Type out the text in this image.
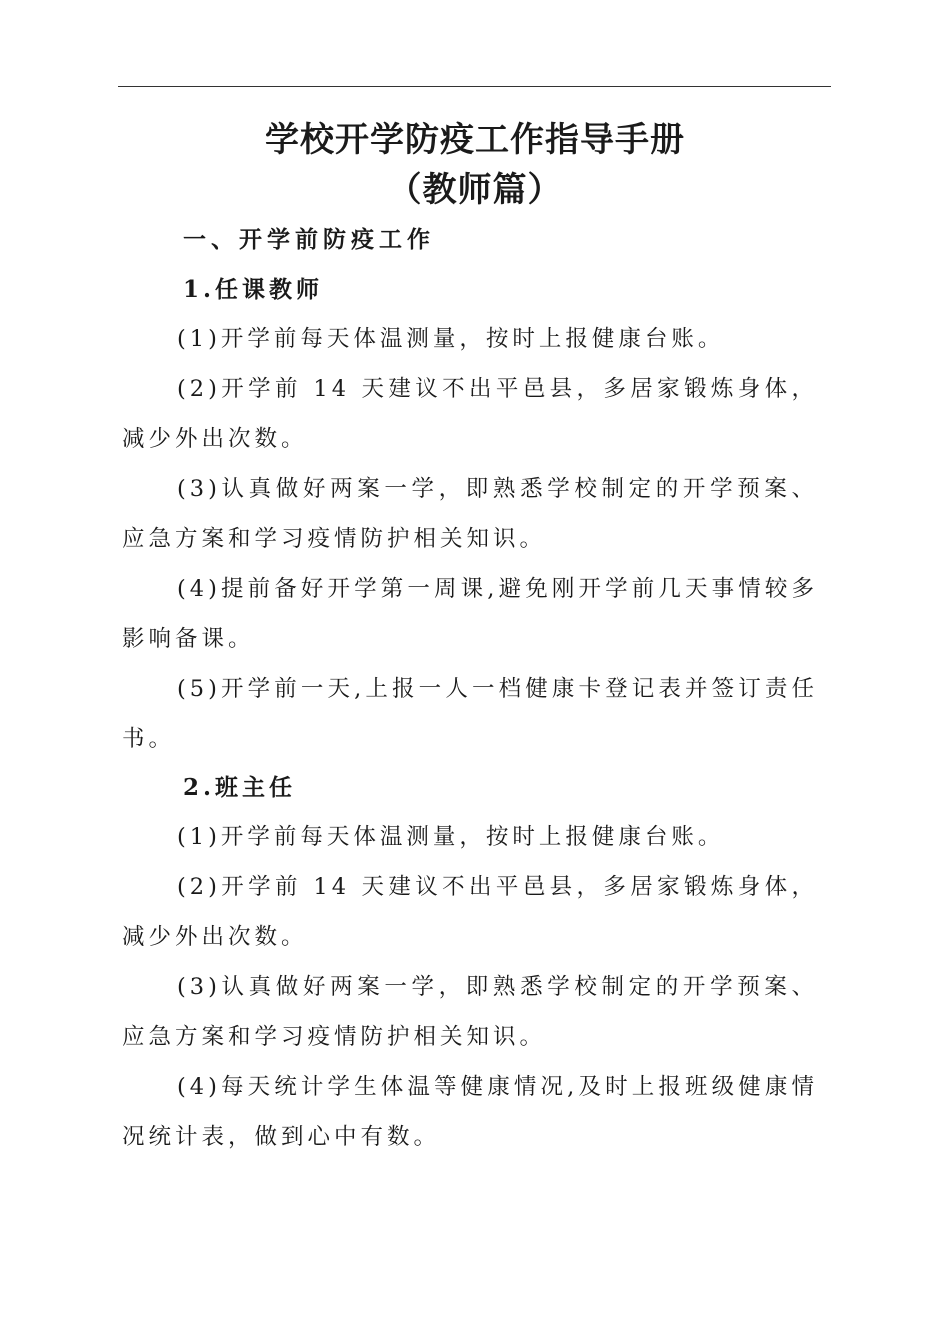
学校开学防疫工作指导手册
（教师篇）
一、开学前防疫工作
1.任课教师

(1)开学前每天体温测量，按时上报健康台账。

(2)开学前 14 天建议不出平邑县，多居家锻炼身体，减少外出次数。

(3)认真做好两案一学，即熟悉学校制定的开学预案、应急方案和学习疫情防护相关知识。

(4)提前备好开学第一周课,避免刚开学前几天事情较多影响备课。

(5)开学前一天,上报一人一档健康卡登记表并签订责任书。

2.班主任

(1)开学前每天体温测量，按时上报健康台账。

(2)开学前 14 天建议不出平邑县，多居家锻炼身体，减少外出次数。

(3)认真做好两案一学，即熟悉学校制定的开学预案、应急方案和学习疫情防护相关知识。

(4)每天统计学生体温等健康情况,及时上报班级健康情况统计表，做到心中有数。
